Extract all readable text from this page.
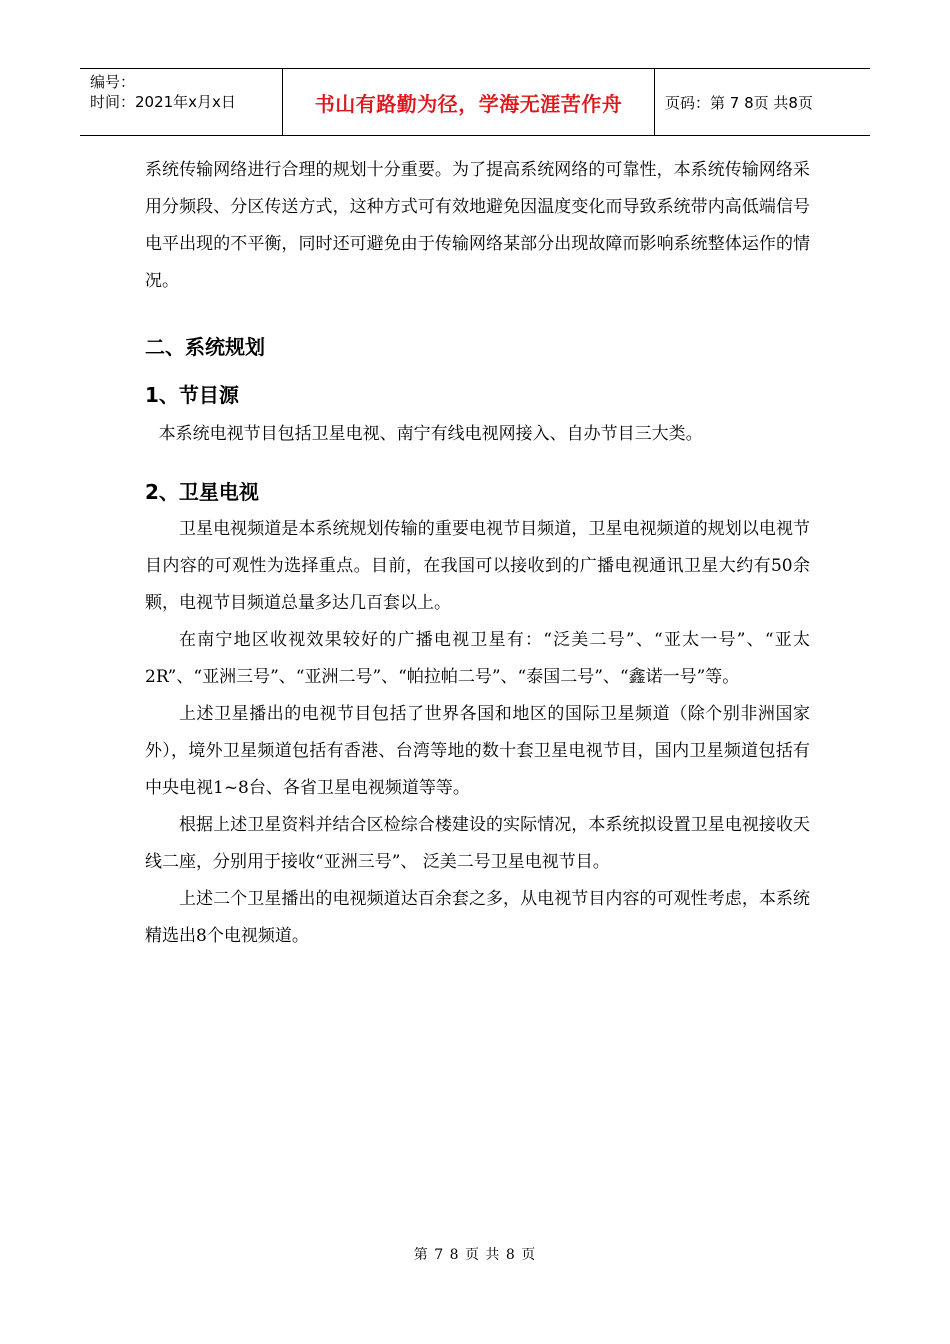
编号：
时间：2021年x月x日	书山有路勤为径，学海无涯苦作舟	页码：第 7 8页 共8页

系统传输网络进行合理的规划十分重要。为了提高系统网络的可靠性，本系统传输网络采用分频段、分区传送方式，这种方式可有效地避免因温度变化而导致系统带内高低端信号电平出现的不平衡，同时还可避免由于传输网络某部分出现故障而影响系统整体运作的情况。

二、系统规划
1、节目源

本系统电视节目包括卫星电视、南宁有线电视网接入、自办节目三大类。

2、卫星电视

卫星电视频道是本系统规划传输的重要电视节目频道，卫星电视频道的规划以电视节目内容的可观性为选择重点。目前，在我国可以接收到的广播电视通讯卫星大约有50余颗，电视节目频道总量多达几百套以上。

在南宁地区收视效果较好的广播电视卫星有：“泛美二号”、“亚太一号”、“亚太2R”、“亚洲三号”、“亚洲二号”、“帕拉帕二号”、“泰国二号”、“鑫诺一号”等。

上述卫星播出的电视节目包括了世界各国和地区的国际卫星频道（除个别非洲国家外），境外卫星频道包括有香港、台湾等地的数十套卫星电视节目，国内卫星频道包括有中央电视1~8台、各省卫星电视频道等等。

根据上述卫星资料并结合区检综合楼建设的实际情况，本系统拟设置卫星电视接收天线二座，分别用于接收“亚洲三号”、 泛美二号卫星电视节目。

上述二个卫星播出的电视频道达百余套之多，从电视节目内容的可观性考虑，本系统精选出8个电视频道。

第 7 8 页 共 8 页
